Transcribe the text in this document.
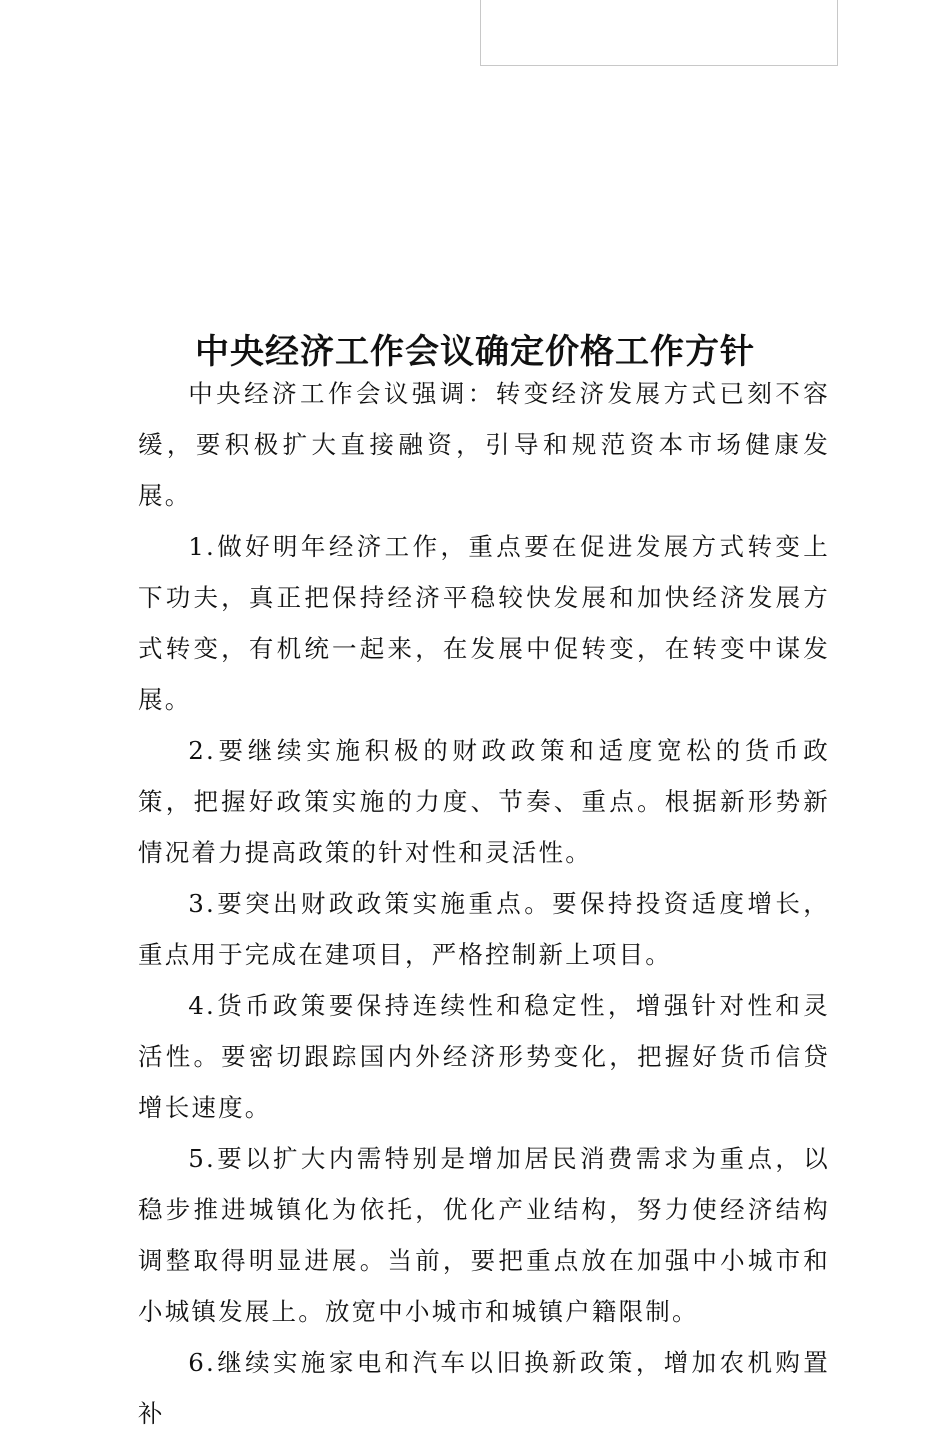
中央经济工作会议确定价格工作方针

中央经济工作会议强调：转变经济发展方式已刻不容缓，要积极扩大直接融资，引导和规范资本市场健康发展。

1.做好明年经济工作，重点要在促进发展方式转变上下功夫，真正把保持经济平稳较快发展和加快经济发展方式转变，有机统一起来，在发展中促转变，在转变中谋发展。

2.要继续实施积极的财政政策和适度宽松的货币政策，把握好政策实施的力度、节奏、重点。根据新形势新情况着力提高政策的针对性和灵活性。

3.要突出财政政策实施重点。要保持投资适度增长，重点用于完成在建项目，严格控制新上项目。

4.货币政策要保持连续性和稳定性，增强针对性和灵活性。要密切跟踪国内外经济形势变化，把握好货币信贷增长速度。

5.要以扩大内需特别是增加居民消费需求为重点，以稳步推进城镇化为依托，优化产业结构，努力使经济结构调整取得明显进展。当前，要把重点放在加强中小城市和小城镇发展上。放宽中小城市和城镇户籍限制。

6.继续实施家电和汽车以旧换新政策，增加农机购置补
